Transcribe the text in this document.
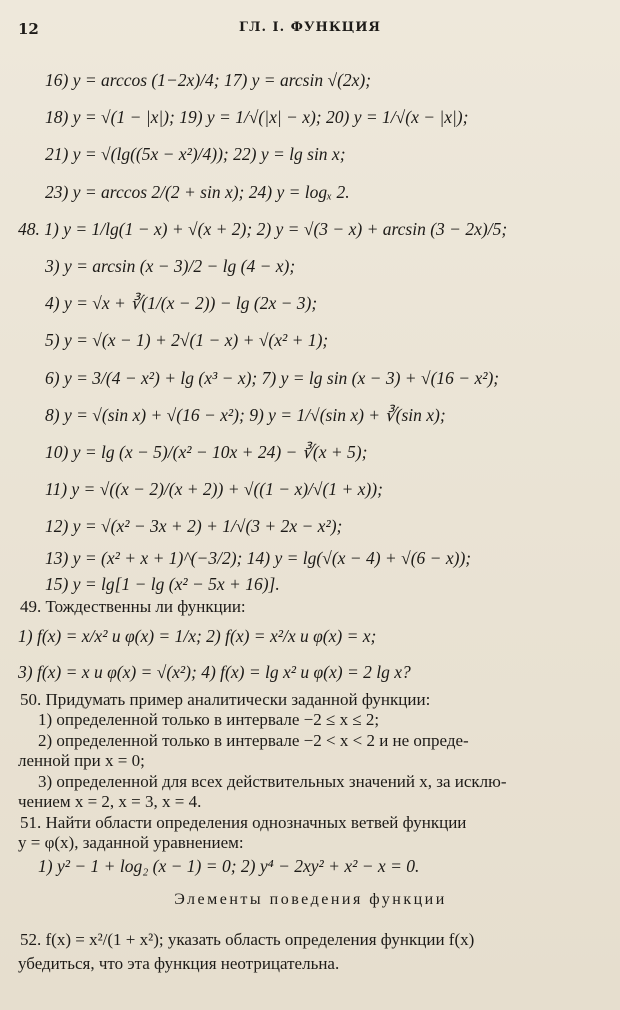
12	ГЛ. I. ФУНКЦИЯ
16) y = arccos (1−2x)/4; 17) y = arcsin √(2x);
18) y = √(1 − |x|); 19) y = 1/√(|x| − x); 20) y = 1/√(x − |x|);
21) y = √(lg((5x − x²)/4)); 22) y = lg sin x;
23) y = arccos 2/(2 + sin x); 24) y = logₓ 2.
48. 1) y = 1/lg(1 − x) + √(x + 2); 2) y = √(3 − x) + arcsin (3 − 2x)/5;
3) y = arcsin (x − 3)/2 − lg (4 − x);
4) y = √x + ∛(1/(x − 2)) − lg (2x − 3);
5) y = √(x − 1) + 2√(1 − x) + √(x² + 1);
6) y = 3/(4 − x²) + lg (x³ − x); 7) y = lg sin (x − 3) + √(16 − x²);
8) y = √(sin x) + √(16 − x²); 9) y = 1/√(sin x) + ∛(sin x);
10) y = lg (x − 5)/(x² − 10x + 24) − ∛(x + 5);
11) y = √((x − 2)/(x + 2)) + √((1 − x)/√(1 + x));
12) y = √(x² − 3x + 2) + 1/√(3 + 2x − x²);
13) y = (x² + x + 1)^(−3/2); 14) y = lg(√(x − 4) + √(6 − x));
15) y = lg[1 − lg (x² − 5x + 16)].
49. Тождественны ли функции:
1) f(x) = x/x² и φ(x) = 1/x; 2) f(x) = x²/x и φ(x) = x;
3) f(x) = x и φ(x) = √(x²); 4) f(x) = lg x² и φ(x) = 2 lg x?
50. Придумать пример аналитически заданной функции:
1) определенной только в интервале −2 ≤ x ≤ 2;
2) определенной только в интервале −2 < x < 2 и не опреде-
ленной при x = 0;
3) определенной для всех действительных значений x, за исклю-
чением x = 2, x = 3, x = 4.
51. Найти области определения однозначных ветвей функции
y = φ(x), заданной уравнением:
1) y² − 1 + log₂ (x − 1) = 0; 2) y⁴ − 2xy² + x² − x = 0.
Элементы поведения функции
52. f(x) = x²/(1 + x²); указать область определения функции f(x)
убедиться, что эта функция неотрицательна.
